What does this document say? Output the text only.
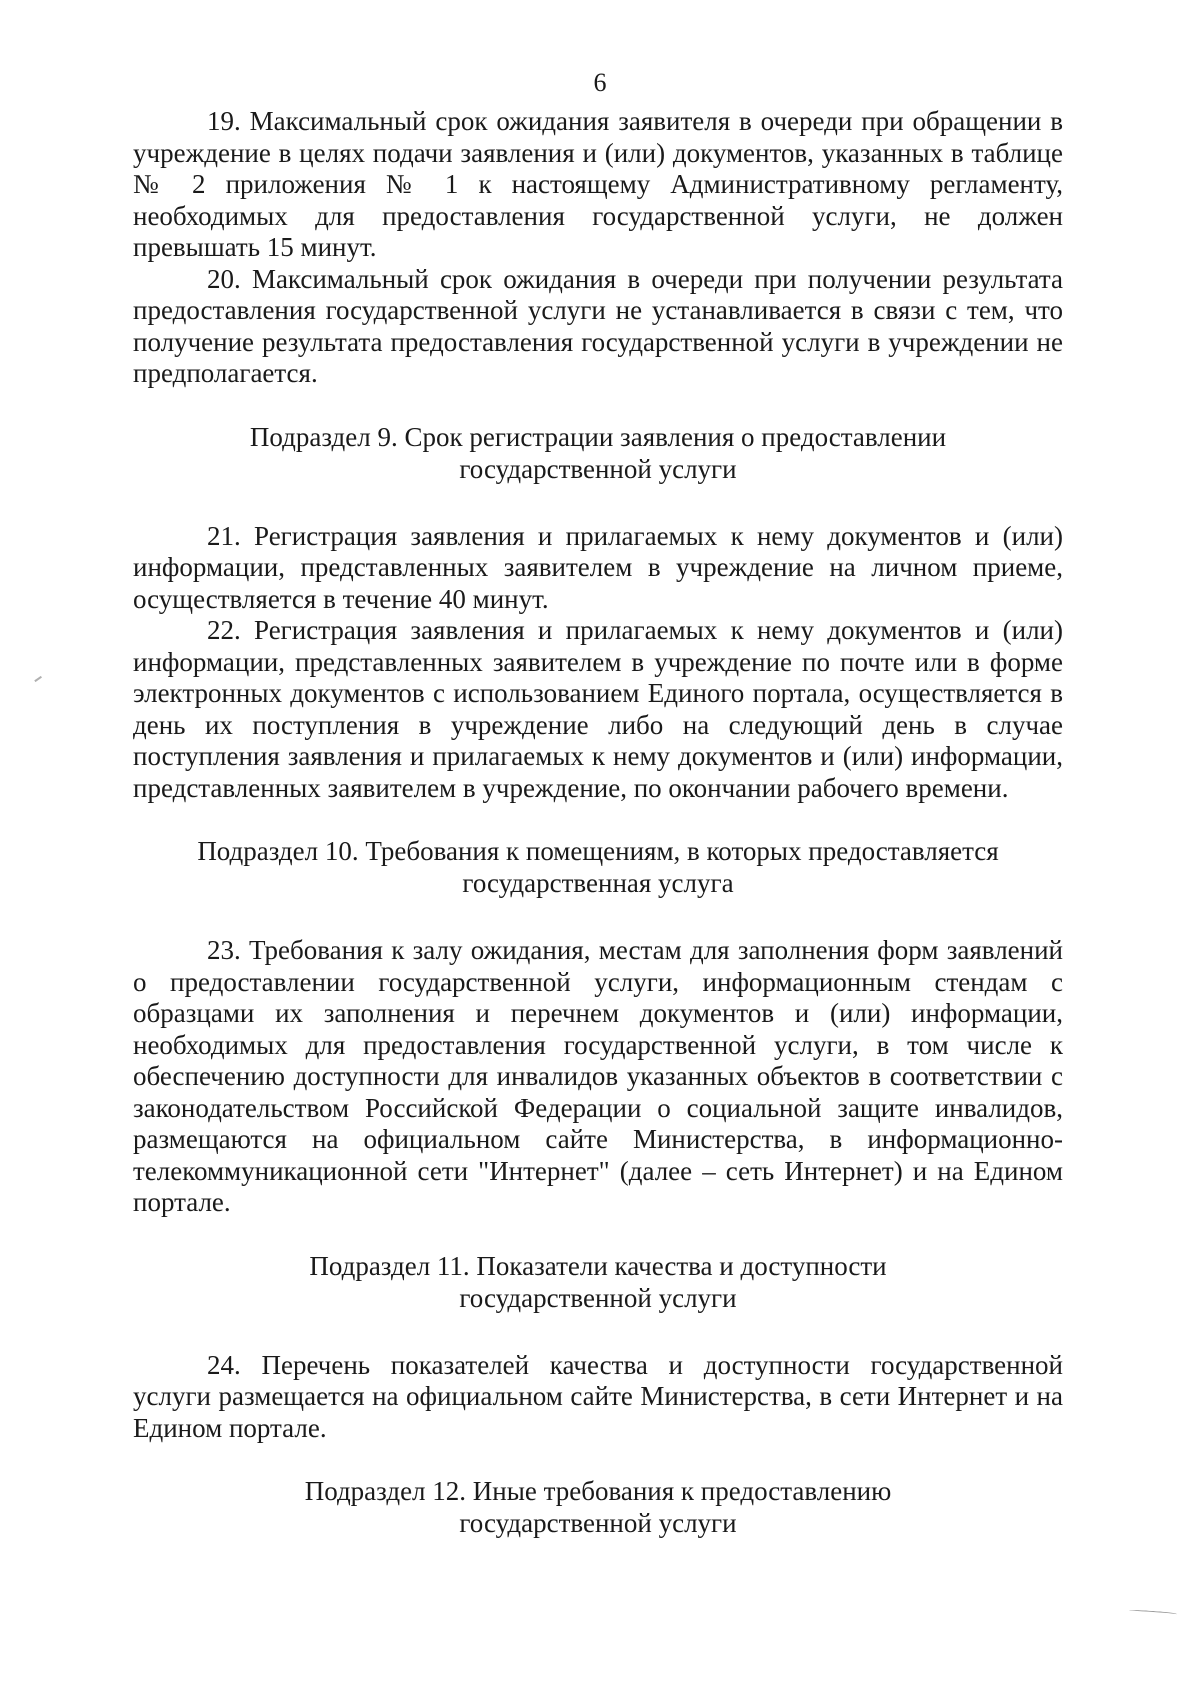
6

19. Максимальный срок ожидания заявителя в очереди при обращении в учреждение в целях подачи заявления и (или) документов, указанных в таблице № 2 приложения № 1 к настоящему Административному регламенту, необходимых для предоставления государственной услуги, не должен превышать 15 минут.

20. Максимальный срок ожидания в очереди при получении результата предоставления государственной услуги не устанавливается в связи с тем, что получение результата предоставления государственной услуги в учреждении не предполагается.

Подраздел 9. Срок регистрации заявления о предоставлении
государственной услуги

21. Регистрация заявления и прилагаемых к нему документов и (или) информации, представленных заявителем в учреждение на личном приеме, осуществляется в течение 40 минут.

22. Регистрация заявления и прилагаемых к нему документов и (или) информации, представленных заявителем в учреждение по почте или в форме электронных документов с использованием Единого портала, осуществляется в день их поступления в учреждение либо на следующий день в случае поступления заявления и прилагаемых к нему документов и (или) информации, представленных заявителем в учреждение, по окончании рабочего времени.

Подраздел 10. Требования к помещениям, в которых предоставляется
государственная услуга

23. Требования к залу ожидания, местам для заполнения форм заявлений о предоставлении государственной услуги, информационным стендам с образцами их заполнения и перечнем документов и (или) информации, необходимых для предоставления государственной услуги, в том числе к обеспечению доступности для инвалидов указанных объектов в соответствии с законодательством Российской Федерации о социальной защите инвалидов, размещаются на официальном сайте Министерства, в информационно-телекоммуникационной сети "Интернет" (далее – сеть Интернет) и на Едином портале.

Подраздел 11. Показатели качества и доступности
государственной услуги

24. Перечень показателей качества и доступности государственной услуги размещается на официальном сайте Министерства, в сети Интернет и на Едином портале.

Подраздел 12. Иные требования к предоставлению
государственной услуги
